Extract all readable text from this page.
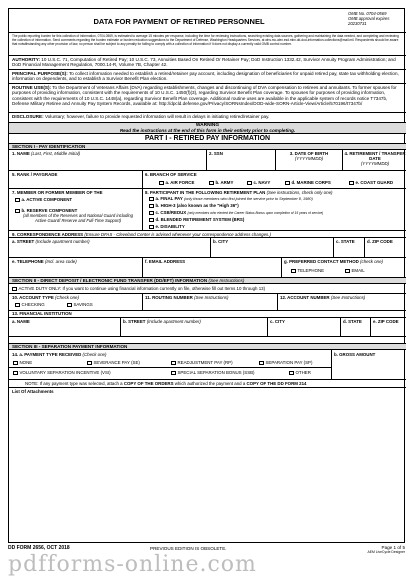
DATA FOR PAYMENT OF RETIRED PERSONNEL
OMB No. 0704-0569
OMB approval expires
20230731
The public reporting burden for this collection of information, 0704-0569, is estimated to average 15 minutes per response, including the time for reviewing instructions, searching existing data sources, gathering and maintaining the data needed, and completing and reviewing the collection of information. Send comments regarding the burden estimate or burden reduction suggestions to the Department of Defense, Washington Headquarters Services, at whs.mc-alex.esd.mbx.dd-dod-information-collections@mail.mil. Respondents should be aware that notwithstanding any other provision of law, no person shall be subject to any penalty for failing to comply with a collection of information if it does not display a currently valid OMB control number.
AUTHORITY: 10 U.S.C. 71, Computation of Retired Pay; 10 U.S.C. 73, Annuities Based On Retired Or Retainer Pay; DoD Instruction 1332.42, Survivor Annuity Program Administration; and DoD Financial Management Regulation, 7000.14-R, Volume 7B, Chapter 42.
PRINCIPAL PURPOSE(S): To collect information needed to establish a retired/retainer pay account, including designation of beneficiaries for unpaid retired pay, state tax withholding election, information on dependents, and to establish a Survivor Benefit Plan election.
ROUTINE USE(S): To the Department of Veterans Affairs (DVA) regarding establishments, changes and discontinuing of DVA compensation to retirees and annuitants. To former spouses for purposes of providing information, consistent with the requirements of 10 U.S.C. 1450(f)(3), regarding Survivor Benefit Plan coverage. To spouses for purposes of providing information, consistent with the requirements of 10 U.S.C. 1448(a), regarding Survivor Benefit Plan coverage. Additional routine uses are available in the applicable system of records notice T7347b, Defense Military Retiree and Annuity Pay System Records, available at: http://dpcld.defense.gov/Privacy/SORNsIndex/DOD-wide-SORN-Article-View/Article/570196/t7347b/
DISCLOSURE: Voluntary; however, failure to provide requested information will result in delays in initiating retired/retainer pay.
WARNING
Read the instructions at the end of this form in their entirety prior to completing.
PART I - RETIRED PAY INFORMATION
SECTION I - PAY IDENTIFICATION
1. NAME (Last, First, Middle Initial)	2. SSN	3. DATE OF BIRTH
(YYYYMMDD)
4. RETIREMENT / TRANSFER DATE
(YYYYMMDD)
5. RANK / PAYGRADE	6. BRANCH OF SERVICE
a. AIR FORCE	b. ARMY	c. NAVY	d. MARINE CORPS	e. COAST GUARD
7. MEMBER OR FORMER MEMBER OF THE
a. ACTIVE COMPONENT
b. RESERVE COMPONENT
(all members of the Reserves and National Guard including Active Guard/ Reserve and Full-Time Support)
8. PARTICIPANT IN THE FOLLOWING RETIREMENT PLAN (See instructions, check only one)
a. FINAL PAY (only those members who first joined the service prior to September 8, 1980)
b. HIGH-3 (also known as the "High 36")
c. CSB/REDUX (only members who elected the Career Status Bonus upon completion of 15 years of service)
d. BLENDED RETIREMENT SYSTEM (BRS)
e. DISABILITY
9. CORRESPONDENCE ADDRESS (Ensure DFAS - Cleveland Center is advised whenever your correspondence address changes.)
a. STREET (Include apartment number)	b. CITY	c. STATE	d. ZIP CODE
e. TELEPHONE (Incl. area code)	f. EMAIL ADDRESS	g. PREFERRED CONTACT METHOD (check one)
TELEPHONE	EMAIL
SECTION II - DIRECT DEPOSIT / ELECTRONIC FUND TRANSFER (DD/EFT) INFORMATION (See Instructions)
ACTIVE DUTY ONLY: If you want to continue using financial information currently on file, otherwise fill out Items 10 through 13)
10. ACCOUNT TYPE (Check one)
CHECKING	SAVINGS
11. ROUTING NUMBER (See Instructions)	12. ACCOUNT NUMBER (See Instructions)
13. FINANCIAL INSTITUTION
a. NAME	b. STREET (Include apartment number)	c. CITY	d. STATE	e. ZIP CODE
SECTION III - SEPARATION PAYMENT INFORMATION
14. a. PAYMENT TYPE RECEIVED (Check one)	b. GROSS AMOUNT
NONE	SEVERANCE PAY (SE)	READJUSTMENT PAY (RP)	SEPARATION PAY (SP)
VOLUNTARY SEPARATION INCENTIVE (VSI)	SPECIAL SEPARATION BONUS (SSB)	OTHER
NOTE: If any payment type was selected, attach a COPY OF THE ORDERS which authorized the payment and a COPY OF THE DD FORM 214
List Of Attachments
DD FORM 2656, OCT 2018	PREVIOUS EDITION IS OBSOLETE.	Page 1 of 5
AEM LiveCycle Designer
pdfforms-online.com
